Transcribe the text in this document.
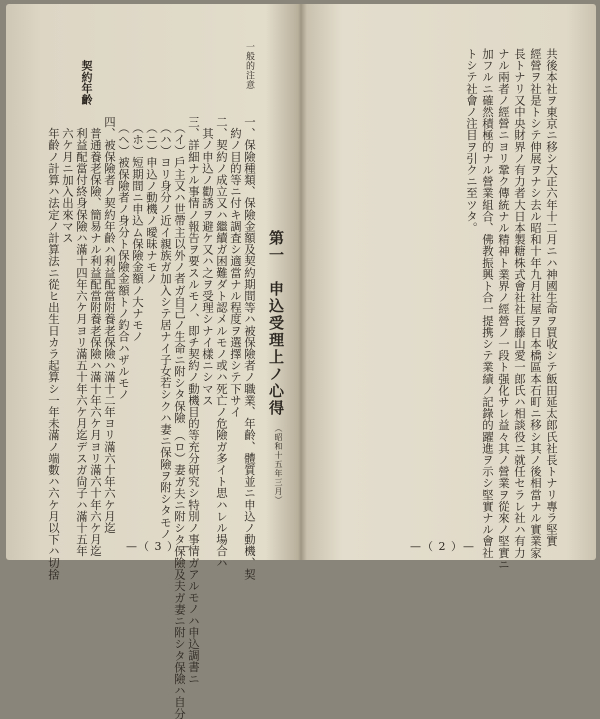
契約年齡	一般的注意
第一　申込受理上ノ心得
（昭和十五年三月）
一、保險種類、保險金額及契約期間等ハ被保險者ノ職業、年齡、體質並ニ申込ノ動機、契
　約ノ目的等ニ付キ調査シ適當ナル程度ヲ選擇シテ下サイ
二、契約ノ成立又ハ繼續ガ困難ダト認メルモノ或ハ死亡ノ危險ガ多イト思ハレル場合ハ
　其ノ申込ノ勸誘ヲ避ケ又ハ之ヲ受理シナイ樣ニシマス
三、詳細ナル事情ノ報告ヲ要スルモノ、即チ契約ノ動機目的等充分研究シ特別ノ事情ガアルモノハ申込調書ニ
　（イ）戶主又ハ世帶主以外ノ者ガ自己ノ生命ニ附シタ保險　（ロ）妻ガ夫ニ附シタ保險及夫ガ妻ニ附シタ保險ハ自分
　（ハ）ヨリ身分ノ近イ親族ガ加入シテ居ナイ子女若シクハ妻ニ保險ヲ附シタモノ
　（ニ）申込ノ動機ノ曖昧ナモノ
　（ホ）短期間ニ申込ム保險金額ノ大ナモノ
　（ヘ）被保險者ノ身分ト保險金額トノ釣合ハザルモノ
四、被保險者ノ契約年齡ハ利益配當附養老保險ハ滿十二年ヨリ滿六十年六ケ月迄
　普通養老保險、簡易ナル利益配當附養老保險ハ滿十年六ケ月ヨリ滿六十年六ケ月迄
　利益配當付終身保險ハ滿十四年六ケ月ヨリ滿五十年六ケ月迄デスガ尙子ハ滿十五年
　六ケ月ニ加入出來マス
　年齡ノ計算ハ法定ノ計算法ニ從ヒ出生日カラ起算シ一年未滿ノ端數ハ六ケ月以下ハ切捨	—（ 3 ）—	共後本社ヲ東京ニ移シ大正六年十二月ニハ神國生命ヲ買收シテ飯田延太郎氏社長トナリ專ラ堅實
經營ヲ社是トシテ伸展ヲナシ去ル昭和十年九月社屋ヲ日本橋區本石町ニ移シ其ノ後相當ナル實業家
長トナリ又中央財界ノ有力者大日本製糖株式會社社長藤山愛一郎氏ハ相談役ニ就任セラレ社ハ有力
ナル兩者ノ經營ニヨリ鞏ク傳統ナル精神ト業界ノ經營ノ一段ト强化サレ益々其ノ營業ヲ從來ノ堅實ニ
加フルニ確然積極的ナル營業組合、佛教振興ト合一提携シテ業績ノ記錄的躍進ヲ示シ堅實ナル會社
トシテ社會ノ注目ヲ引クニ至ツタ。
—（ 2 ）—
